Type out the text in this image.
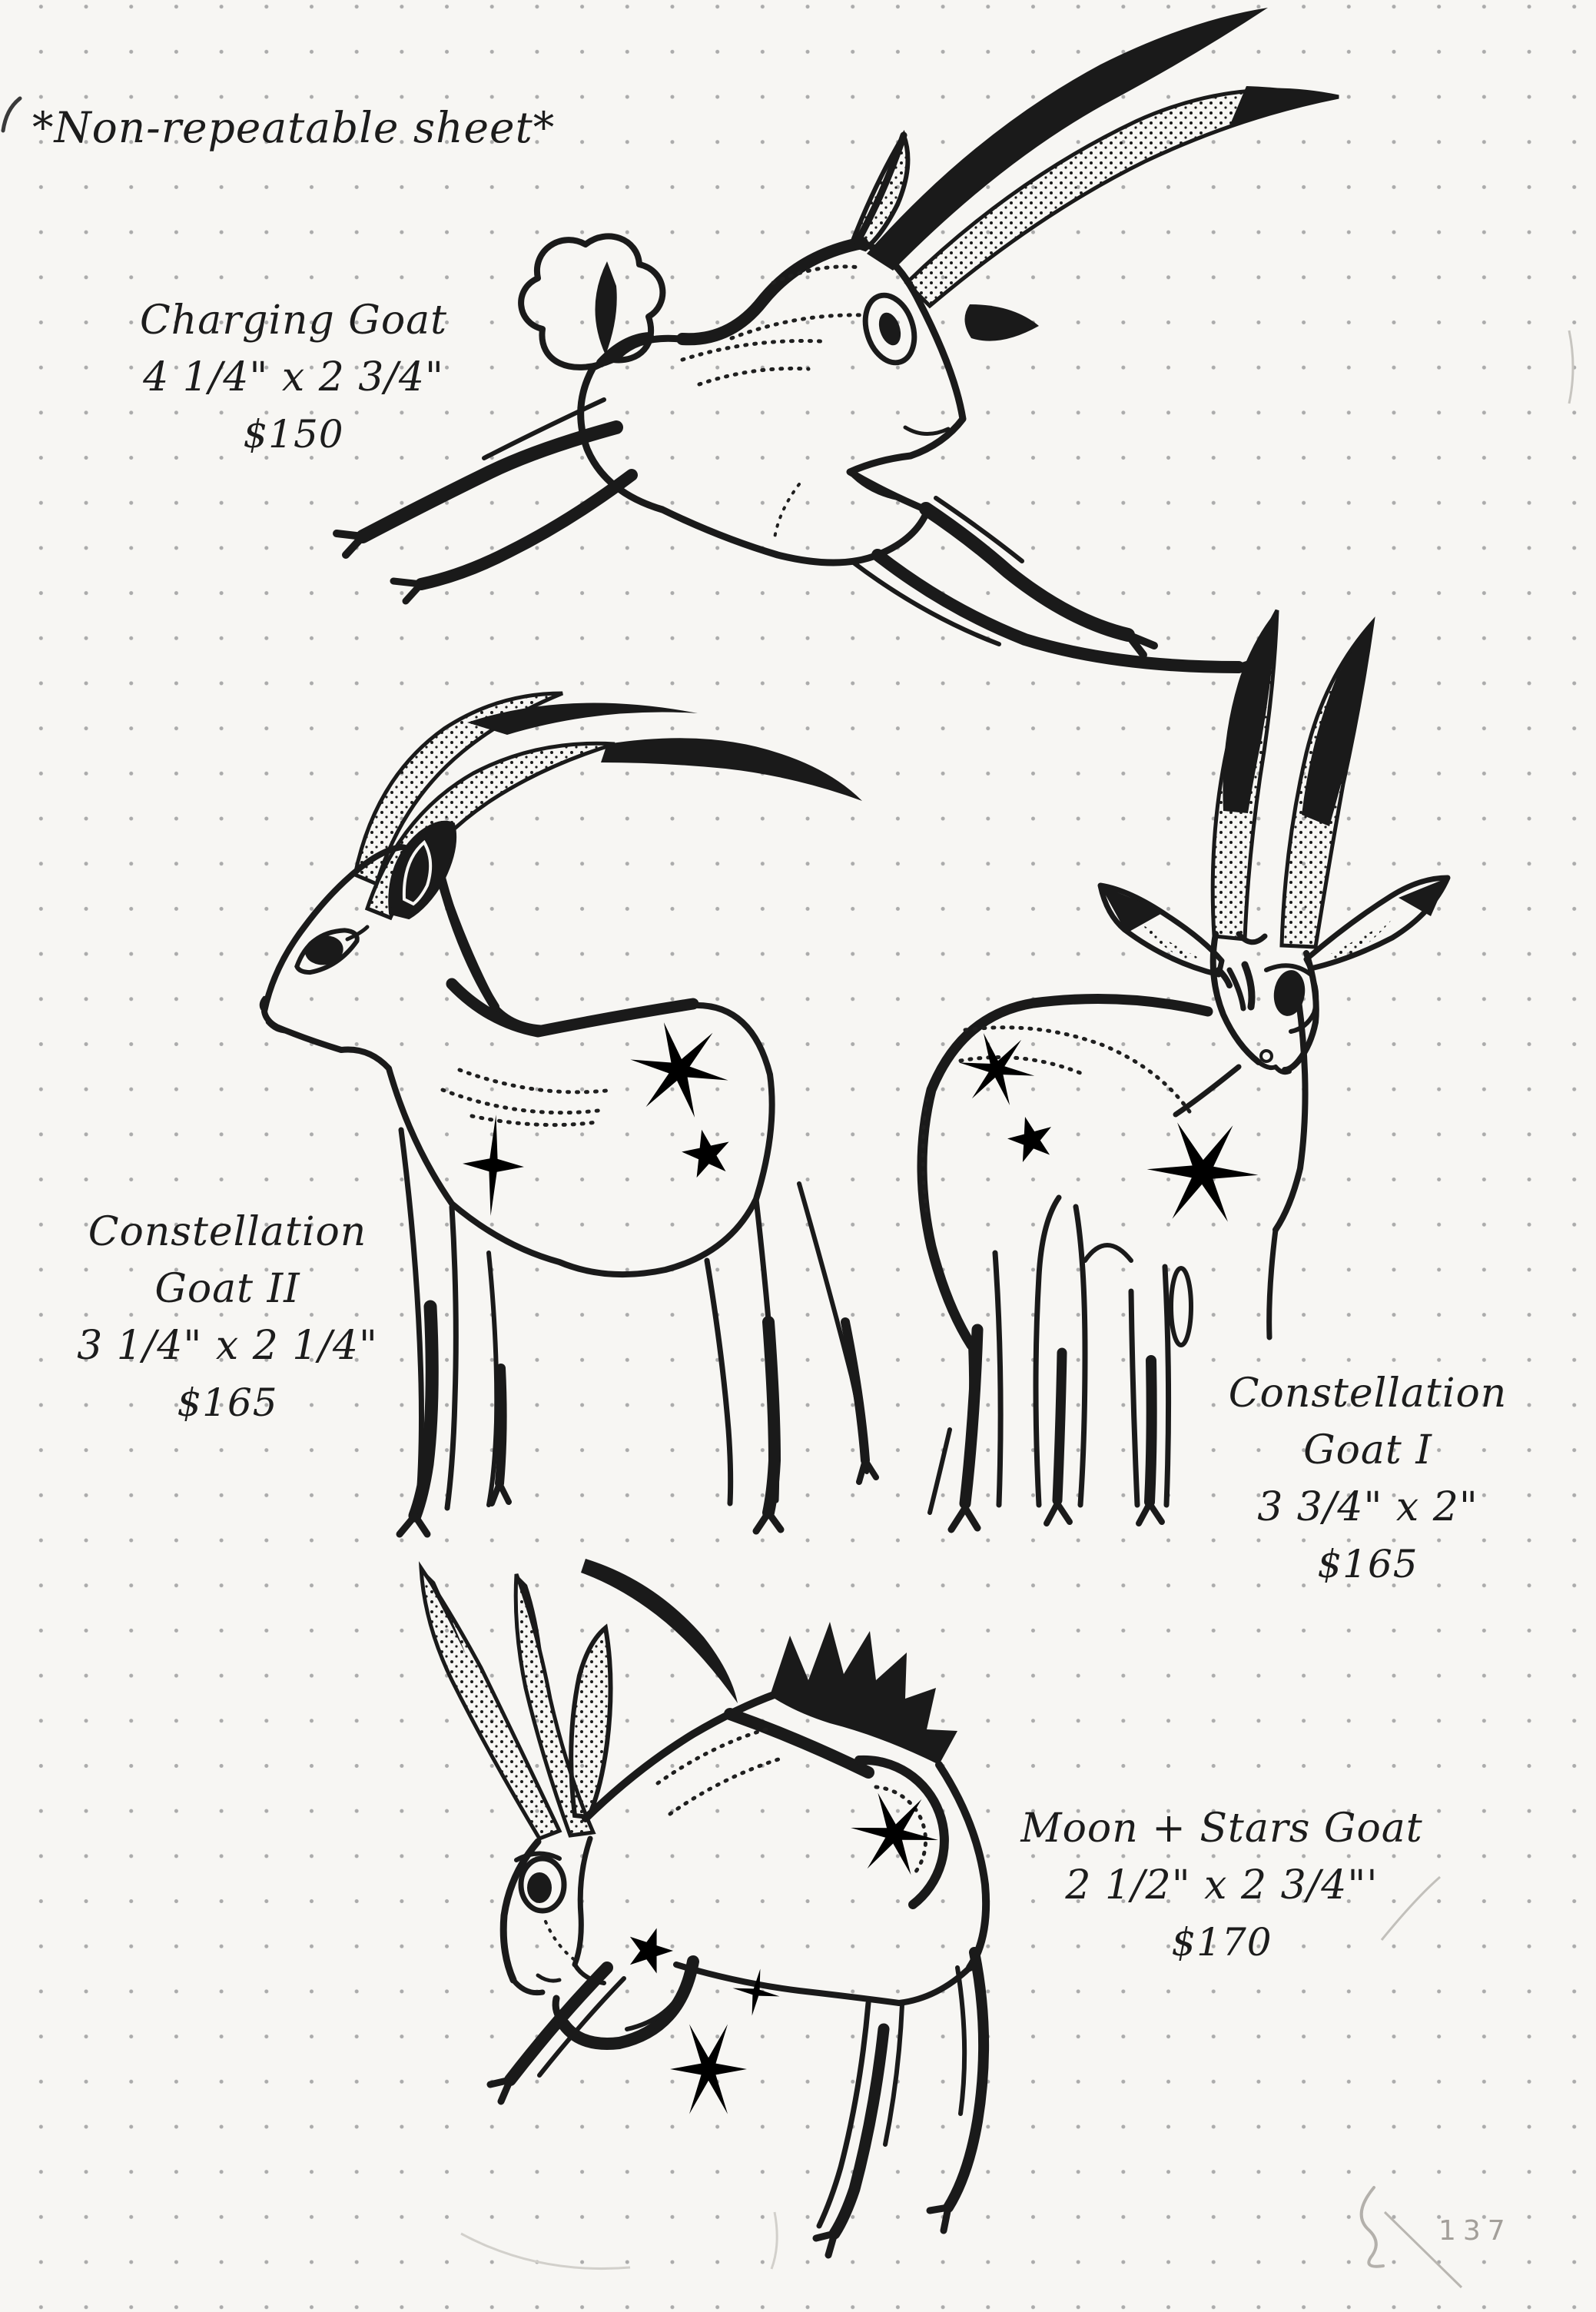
*Non-repeatable sheet*
Charging Goat
4 1/4" x 2 3/4"
$150
Constellation
Goat II
3 1/4" x 2 1/4"
$165	Constellation
Goat I
3 3/4" x 2"
$165
Moon + Stars Goat
2 1/2" x 2 3/4"'
$170
137
